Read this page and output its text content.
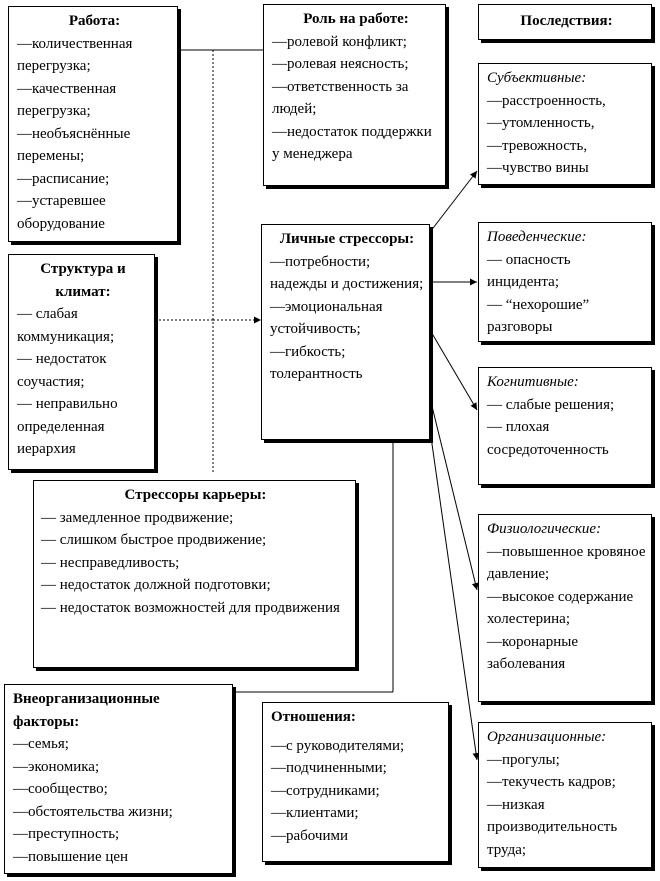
Работа:
—количественная перегрузка;
—качественная перегрузка;
—необъяснённые перемены;
—расписание;
—устаревшее оборудование
Роль на работе:
—ролевой конфликт;
—ролевая неясность;
—ответственность за людей;
—недостаток поддержки у менеджера
Последствия:
Субъективные:
—расстроенность,
—утомленность,
—тревожность,
—чувство вины
Структура и климат:
— слабая коммуникация;
— недостаток соучастия;
— неправильно определенная иерархия
Личные стрессоры:
—потребности; надежды и достижения;
—эмоциональная устойчивость;
—гибкость; толерантность
Поведенческие:
— опасность инцидента;
— “нехорошие” разговоры
Когнитивные:
— слабые решения;
— плохая сосредоточенность
Стрессоры карьеры:
— замедленное продвижение;
— слишком быстрое продвижение;
— несправедливость;
— недостаток должной подготовки;
— недостаток возможностей для продвижения
Физиологические:
—повышенное кровяное давление;
—высокое содержание холестерина;
—коронарные заболевания
Внеорганизационные факторы:
—семья;
—экономика;
—сообщество;
—обстоятельства жизни;
—преступность;
—повышение цен
Отношения:
—с руководителями;
—подчиненными;
—сотрудниками;
—клиентами;
—рабочими
Организационные:
—прогулы;
—текучесть кадров;
—низкая производительность труда;
